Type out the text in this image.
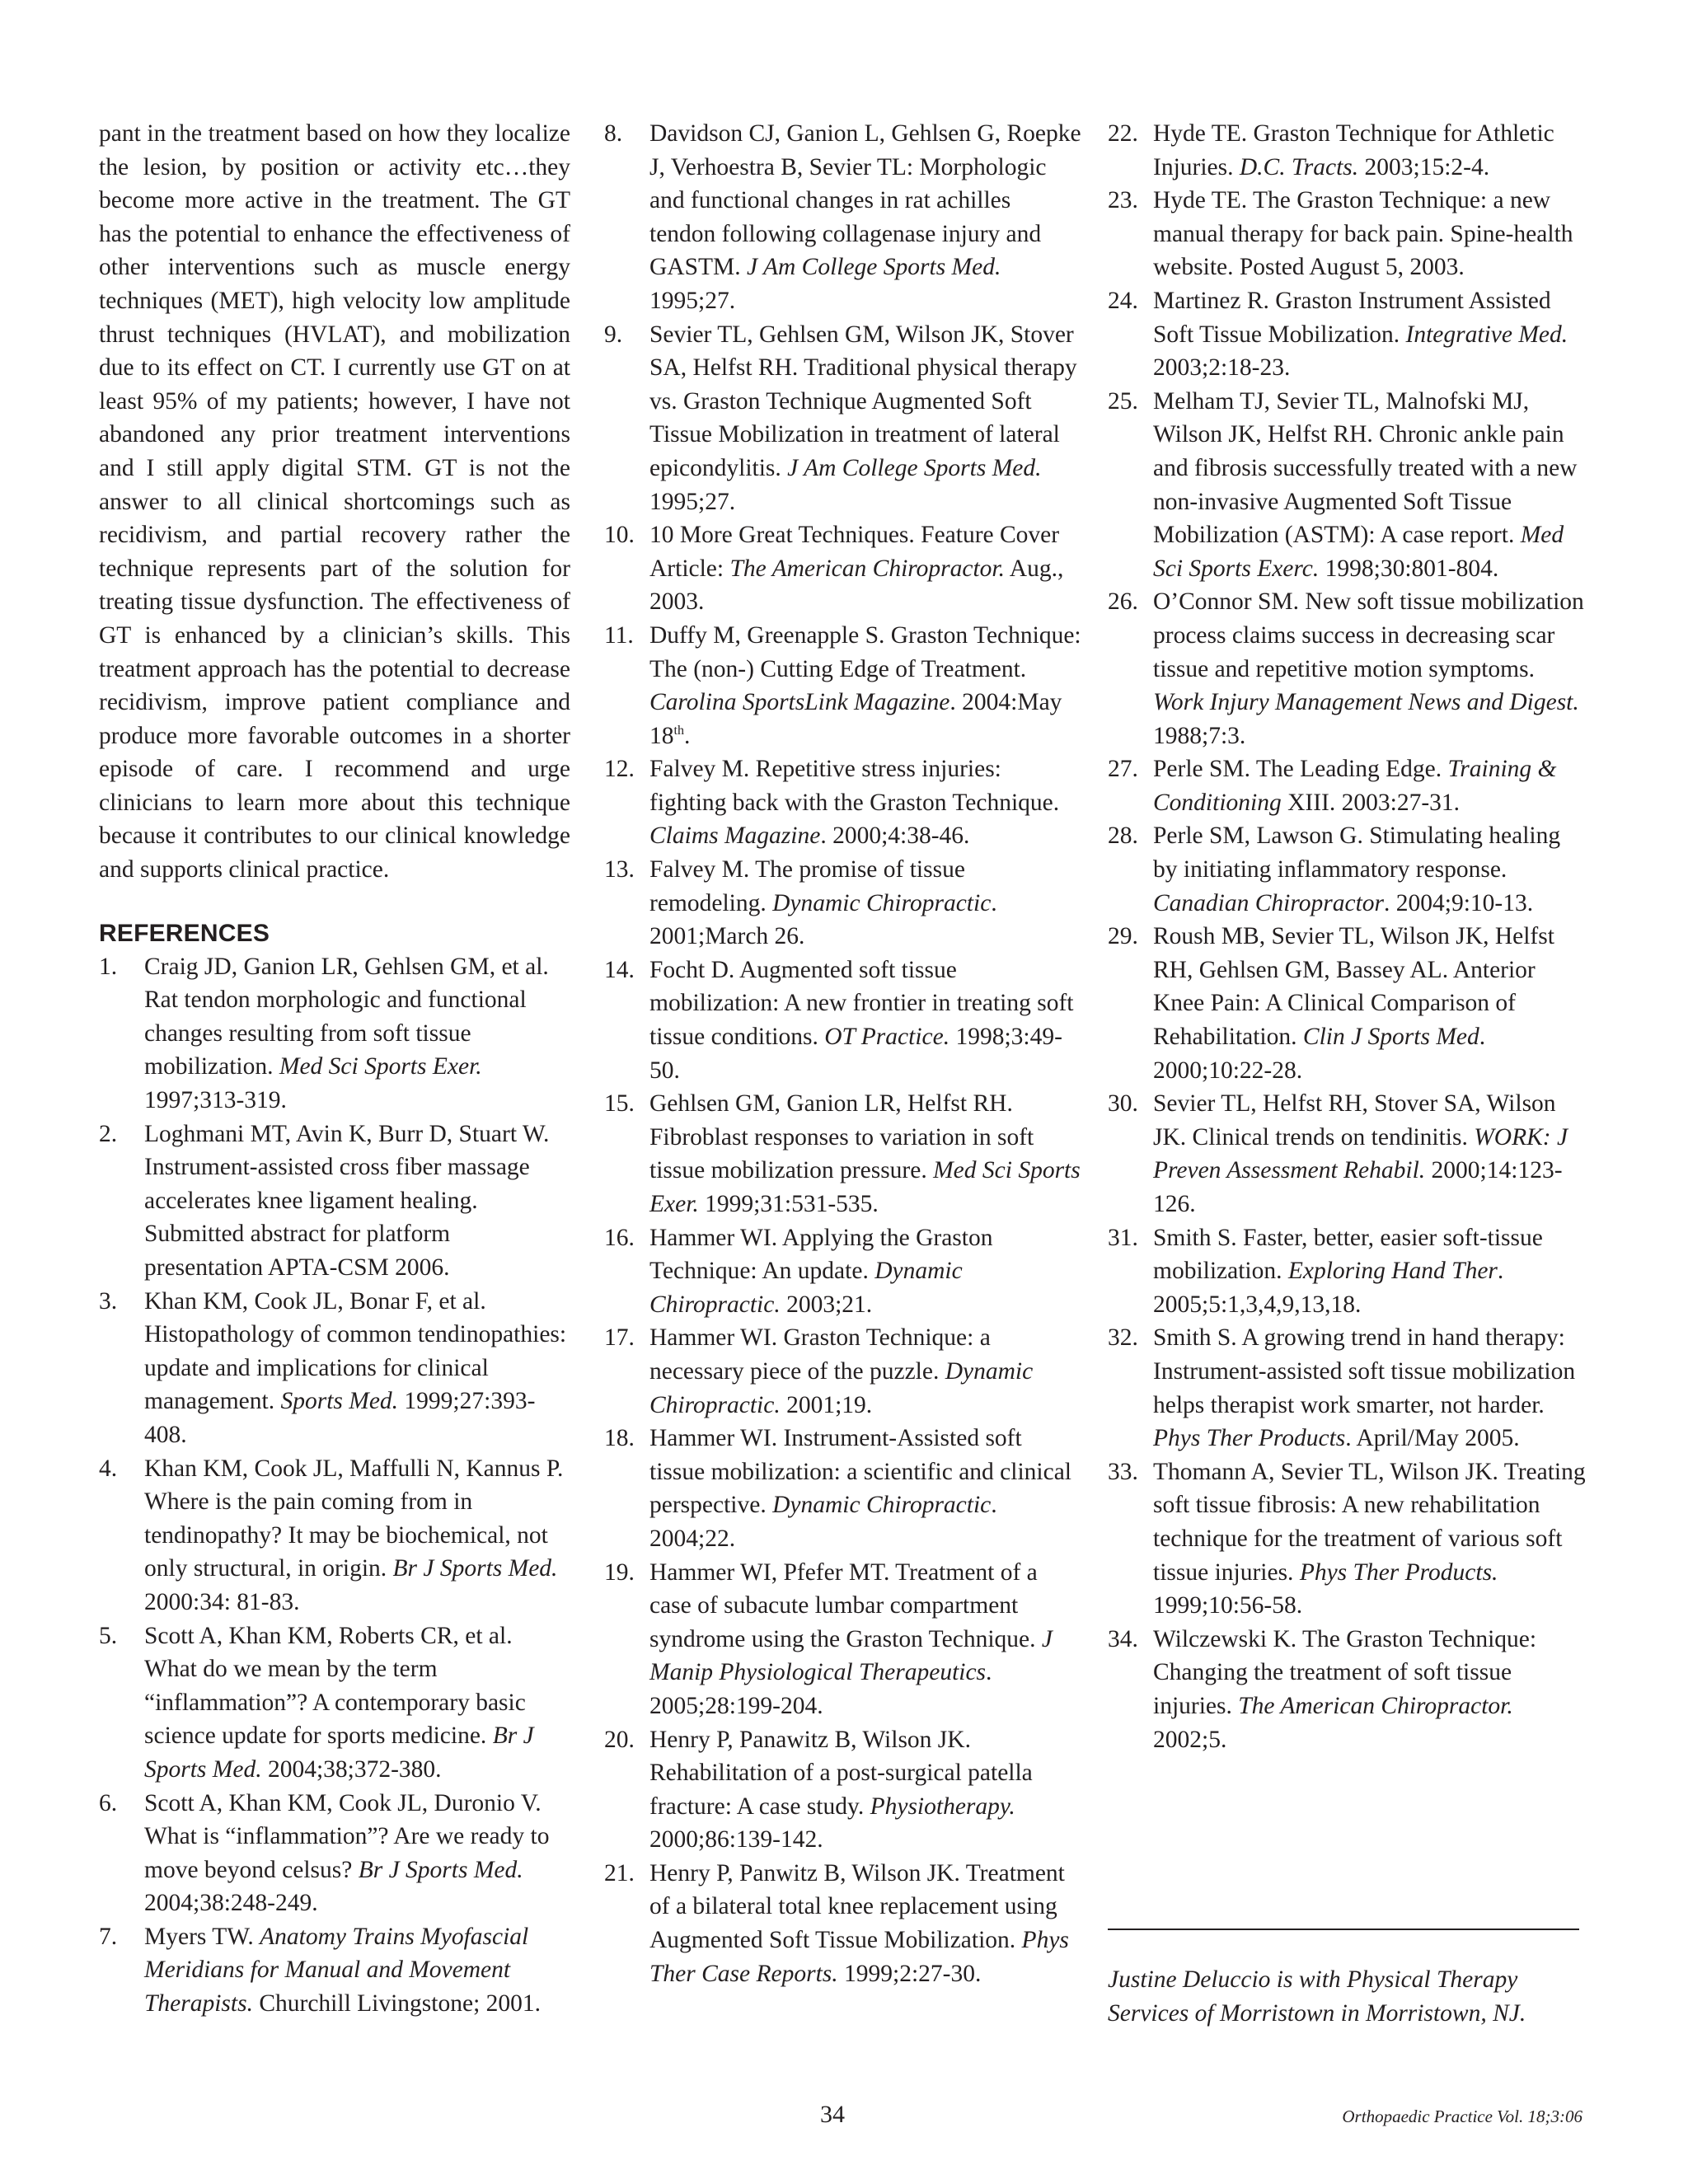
pant in the treatment based on how they localize the lesion, by position or activity etc…they become more active in the treatment. The GT has the potential to enhance the effectiveness of other interventions such as muscle energy techniques (MET), high velocity low amplitude thrust techniques (HVLAT), and mobilization due to its effect on CT. I currently use GT on at least 95% of my patients; however, I have not abandoned any prior treatment interventions and I still apply digital STM. GT is not the answer to all clinical shortcomings such as recidivism, and partial recovery rather the technique represents part of the solution for treating tissue dysfunction. The effectiveness of GT is enhanced by a clinician’s skills. This treatment approach has the potential to decrease recidivism, improve patient compliance and produce more favorable outcomes in a shorter episode of care. I recommend and urge clinicians to learn more about this technique because it contributes to our clinical knowledge and supports clinical practice.

REFERENCES
1. Craig JD, Ganion LR, Gehlsen GM, et al. Rat tendon morphologic and functional changes resulting from soft tissue mobilization. Med Sci Sports Exer. 1997;313-319.
2. Loghmani MT, Avin K, Burr D, Stuart W. Instrument-assisted cross fiber massage accelerates knee ligament healing. Submitted abstract for platform presentation APTA-CSM 2006.
3. Khan KM, Cook JL, Bonar F, et al. Histopathology of common tendinopathies: update and implications for clinical management. Sports Med. 1999;27:393-408.
4. Khan KM, Cook JL, Maffulli N, Kannus P. Where is the pain coming from in tendinopathy? It may be biochemical, not only structural, in origin. Br J Sports Med. 2000:34: 81-83.
5. Scott A, Khan KM, Roberts CR, et al. What do we mean by the term “inflammation”? A contemporary basic science update for sports medicine. Br J Sports Med. 2004;38;372-380.
6. Scott A, Khan KM, Cook JL, Duronio V. What is “inflammation”? Are we ready to move beyond celsus? Br J Sports Med. 2004;38:248-249.
7. Myers TW. Anatomy Trains Myofascial Meridians for Manual and Movement Therapists. Churchill Livingstone; 2001.
8. Davidson CJ, Ganion L, Gehlsen G, Roepke J, Verhoestra B, Sevier TL: Morphologic and functional changes in rat achilles tendon following collagenase injury and GASTM. J Am College Sports Med. 1995;27.
9. Sevier TL, Gehlsen GM, Wilson JK, Stover SA, Helfst RH. Traditional physical therapy vs. Graston Technique Augmented Soft Tissue Mobilization in treatment of lateral epicondylitis. J Am College Sports Med. 1995;27.
10. 10 More Great Techniques. Feature Cover Article: The American Chiropractor. Aug., 2003.
11. Duffy M, Greenapple S. Graston Technique: The (non-) Cutting Edge of Treatment. Carolina SportsLink Magazine. 2004:May 18th.
12. Falvey M. Repetitive stress injuries: fighting back with the Graston Technique. Claims Magazine. 2000;4:38-46.
13. Falvey M. The promise of tissue remodeling. Dynamic Chiropractic. 2001;March 26.
14. Focht D. Augmented soft tissue mobilization: A new frontier in treating soft tissue conditions. OT Practice. 1998;3:49-50.
15. Gehlsen GM, Ganion LR, Helfst RH. Fibroblast responses to variation in soft tissue mobilization pressure. Med Sci Sports Exer. 1999;31:531-535.
16. Hammer WI. Applying the Graston Technique: An update. Dynamic Chiropractic. 2003;21.
17. Hammer WI. Graston Technique: a necessary piece of the puzzle. Dynamic Chiropractic. 2001;19.
18. Hammer WI. Instrument-Assisted soft tissue mobilization: a scientific and clinical perspective. Dynamic Chiropractic. 2004;22.
19. Hammer WI, Pfefer MT. Treatment of a case of subacute lumbar compartment syndrome using the Graston Technique. J Manip Physiological Therapeutics. 2005;28:199-204.
20. Henry P, Panawitz B, Wilson JK. Rehabilitation of a post-surgical patella fracture: A case study. Physiotherapy. 2000;86:139-142.
21. Henry P, Panwitz B, Wilson JK. Treatment of a bilateral total knee replacement using Augmented Soft Tissue Mobilization. Phys Ther Case Reports. 1999;2:27-30.
22. Hyde TE. Graston Technique for Athletic Injuries. D.C. Tracts. 2003;15:2-4.
23. Hyde TE. The Graston Technique: a new manual therapy for back pain. Spine-health website. Posted August 5, 2003.
24. Martinez R. Graston Instrument Assisted Soft Tissue Mobilization. Integrative Med. 2003;2:18-23.
25. Melham TJ, Sevier TL, Malnofski MJ, Wilson JK, Helfst RH. Chronic ankle pain and fibrosis successfully treated with a new non-invasive Augmented Soft Tissue Mobilization (ASTM): A case report. Med Sci Sports Exerc. 1998;30:801-804.
26. O’Connor SM. New soft tissue mobilization process claims success in decreasing scar tissue and repetitive motion symptoms. Work Injury Management News and Digest. 1988;7:3.
27. Perle SM. The Leading Edge. Training & Conditioning XIII. 2003:27-31.
28. Perle SM, Lawson G. Stimulating healing by initiating inflammatory response. Canadian Chiropractor. 2004;9:10-13.
29. Roush MB, Sevier TL, Wilson JK, Helfst RH, Gehlsen GM, Bassey AL. Anterior Knee Pain: A Clinical Comparison of Rehabilitation. Clin J Sports Med. 2000;10:22-28.
30. Sevier TL, Helfst RH, Stover SA, Wilson JK. Clinical trends on tendinitis. WORK: J Preven Assessment Rehabil. 2000;14:123-126.
31. Smith S. Faster, better, easier soft-tissue mobilization. Exploring Hand Ther. 2005;5:1,3,4,9,13,18.
32. Smith S. A growing trend in hand therapy: Instrument-assisted soft tissue mobilization helps therapist work smarter, not harder. Phys Ther Products. April/May 2005.
33. Thomann A, Sevier TL, Wilson JK. Treating soft tissue fibrosis: A new rehabilitation technique for the treatment of various soft tissue injuries. Phys Ther Products. 1999;10:56-58.
34. Wilczewski K. The Graston Technique: Changing the treatment of soft tissue injuries. The American Chiropractor. 2002;5.

Justine Deluccio is with Physical Therapy Services of Morristown in Morristown, NJ.

34	Orthopaedic Practice Vol. 18;3:06
